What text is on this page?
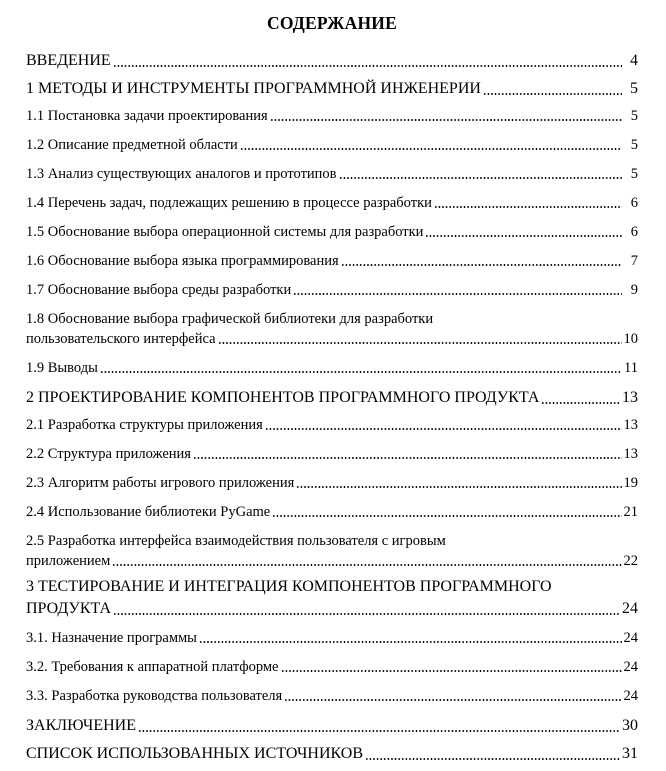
СОДЕРЖАНИЕ
ВВЕДЕНИЕ	4
1 МЕТОДЫ И ИНСТРУМЕНТЫ ПРОГРАММНОЙ ИНЖЕНЕРИИ	5
1.1 Постановка задачи проектирования	5
1.2 Описание предметной области	5
1.3 Анализ существующих аналогов и прототипов	5
1.4 Перечень задач, подлежащих решению в процессе разработки	6
1.5 Обоснование выбора операционной системы для разработки	6
1.6 Обоснование выбора языка программирования	7
1.7 Обоснование выбора среды разработки	9
1.8 Обоснование выбора графической библиотеки для разработки
пользовательского интерфейса	10
1.9 Выводы	11
2 ПРОЕКТИРОВАНИЕ КОМПОНЕНТОВ ПРОГРАММНОГО ПРОДУКТА	13
2.1 Разработка структуры приложения	13
2.2 Структура приложения	13
2.3 Алгоритм работы игрового приложения	19
2.4 Использование библиотеки PyGame	21
2.5 Разработка интерфейса взаимодействия пользователя с игровым
приложением	22
3 ТЕСТИРОВАНИЕ И ИНТЕГРАЦИЯ КОМПОНЕНТОВ ПРОГРАММНОГО
ПРОДУКТА	24
3.1. Назначение программы	24
3.2. Требования к аппаратной платформе	24
3.3. Разработка руководства пользователя	24
ЗАКЛЮЧЕНИЕ	30
СПИСОК ИСПОЛЬЗОВАННЫХ ИСТОЧНИКОВ	31
